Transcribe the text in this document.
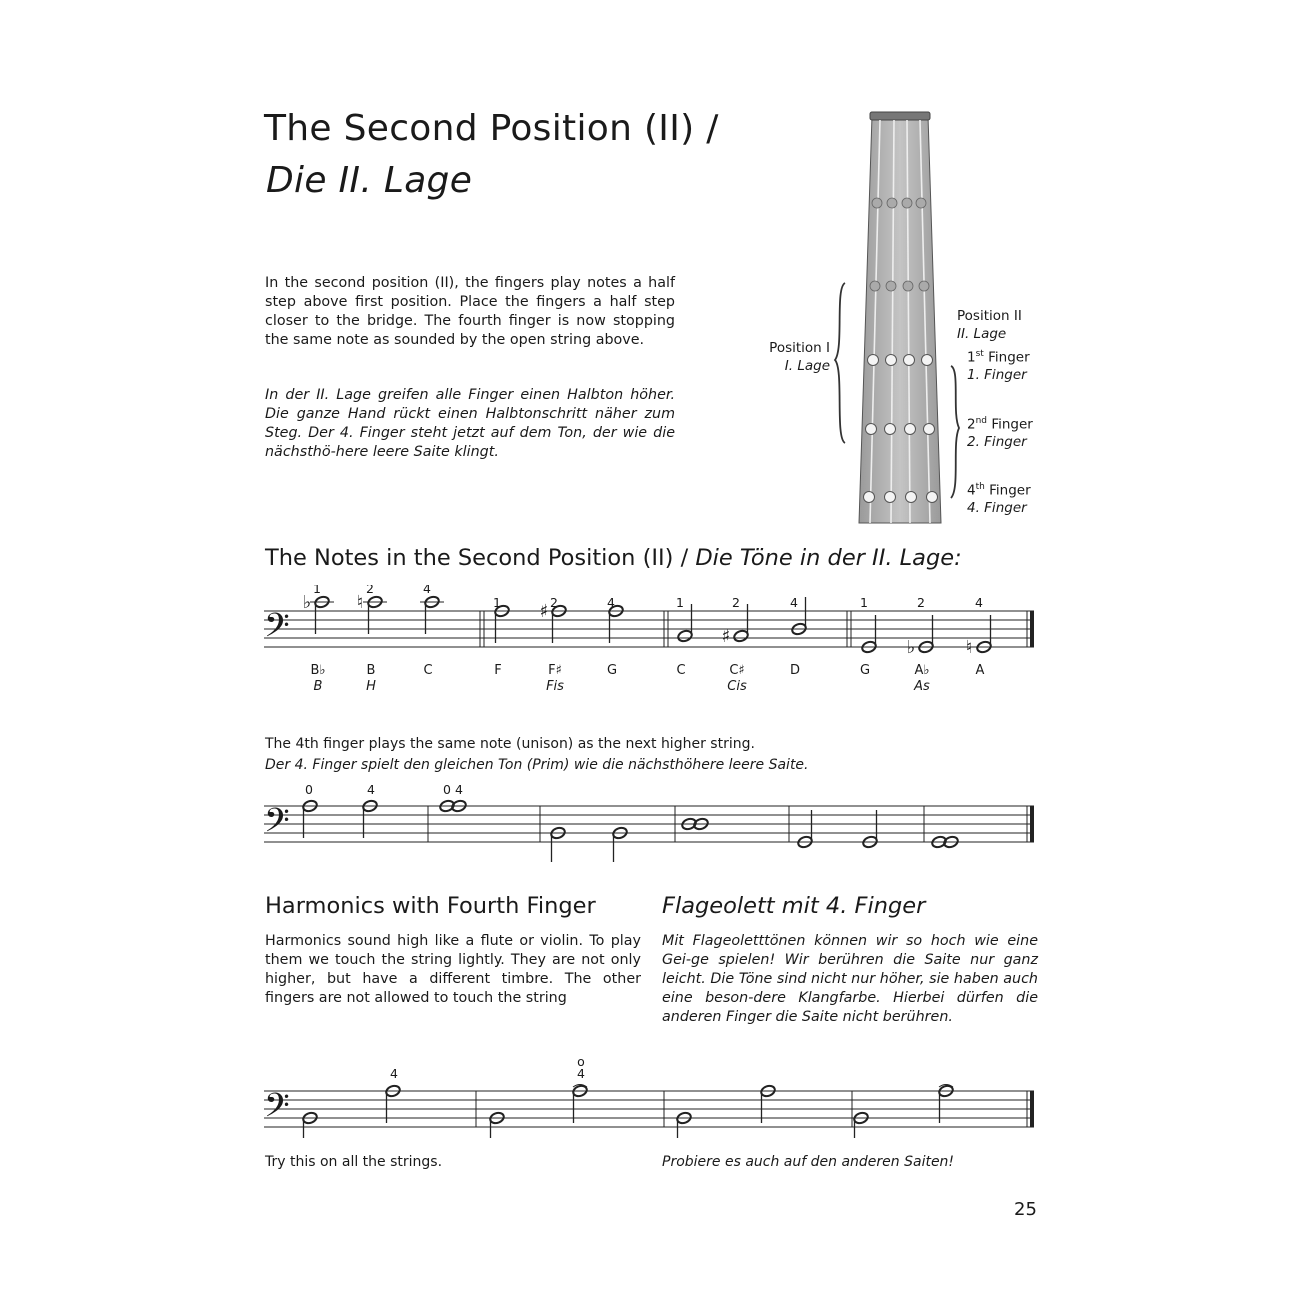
The Second Position (II) /
Die II. Lage
In the second position (II), the fingers play notes a half step above first position. Place the fingers a half step closer to the bridge. The fourth finger is now stopping the same note as sounded by the open string above.
In der II. Lage greifen alle Finger einen Halbton höher. Die ganze Hand rückt einen Halbtonschritt näher zum Steg. Der 4. Finger steht jetzt auf dem Ton, der wie die nächsthö-here leere Saite klingt.
Position I
I. Lage
Position II
II. Lage
1st Finger
1. Finger
2nd Finger
2. Finger
4th Finger
4. Finger
The Notes in the Second Position (II) / Die Töne in der II. Lage:
𝄢
♭	♮	♯
♯
♭	♮
1
B♭
B
2
B
H
4
C
1
F
2
F♯
Fis
4
G
1
C
2
C♯
Cis
4
D
1
G
2
A♭
As
4
A
The 4th finger plays the same note (unison) as the next higher string.
Der 4. Finger spielt den gleichen Ton (Prim) wie die nächsthöhere leere Saite.
𝄢
0	4	0 4
Harmonics with Fourth Finger	Flageolett mit 4. Finger
Harmonics sound high like a flute or violin. To play them we touch the string lightly. They are not only higher, but have a different timbre. The other fingers are not allowed to touch the string
Mit Flageoletttönen können wir so hoch wie eine Gei-ge spielen! Wir berühren die Saite nur ganz leicht. Die Töne sind nicht nur höher, sie haben auch eine beson-dere Klangfarbe. Hierbei dürfen die anderen Finger die Saite nicht berühren.
𝄢
4	4
o
Try this on all the strings.	Probiere es auch auf den anderen Saiten!
25
